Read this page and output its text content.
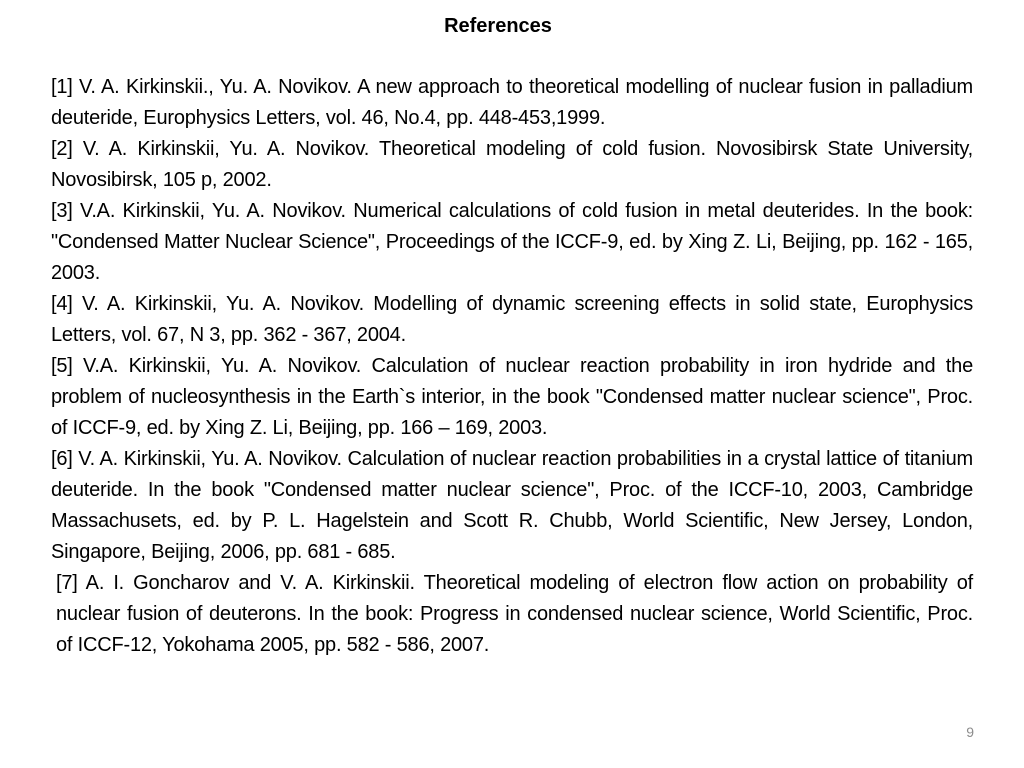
References

[1] V. A. Kirkinskii., Yu. A. Novikov. A new approach to theoretical modelling of nuclear fusion in palladium deuteride, Europhysics Letters, vol. 46, No.4, pp. 448-453,1999.

[2] V. A. Kirkinskii, Yu. A. Novikov. Theoretical modeling of cold fusion. Novosibirsk State University, Novosibirsk, 105 p, 2002.

[3] V.A. Kirkinskii, Yu. A. Novikov. Numerical calculations of cold fusion in metal deuterides. In the book: "Condensed Matter Nuclear Science", Proceedings of the ICCF-9, ed. by Xing Z. Li, Beijing, pp. 162 - 165, 2003.

[4] V. A. Kirkinskii, Yu. A. Novikov. Modelling of dynamic screening effects in solid state, Europhysics Letters, vol. 67, N 3, pp. 362 - 367, 2004.

[5] V.A. Kirkinskii, Yu. A. Novikov. Calculation of nuclear reaction probability in iron hydride and the problem of nucleosynthesis in the Earth`s interior, in the book "Condensed matter nuclear science", Proc. of ICCF-9, ed. by Xing Z. Li, Beijing, pp. 166 – 169, 2003.

[6] V. A. Kirkinskii, Yu. A. Novikov. Calculation of nuclear reaction probabilities in a crystal lattice of titanium deuteride. In the book "Condensed matter nuclear science", Proc. of the ICCF-10, 2003, Cambridge Massachusets, ed. by P. L. Hagelstein and Scott R. Chubb, World Scientific, New Jersey, London, Singapore, Beijing, 2006, pp. 681 - 685.

[7] A. I. Goncharov and V. A. Kirkinskii. Theoretical modeling of electron flow action on probability of nuclear fusion of deuterons. In the book: Progress in condensed nuclear science, World Scientific, Proc. of ICCF-12, Yokohama 2005, pp. 582 - 586, 2007.

9
